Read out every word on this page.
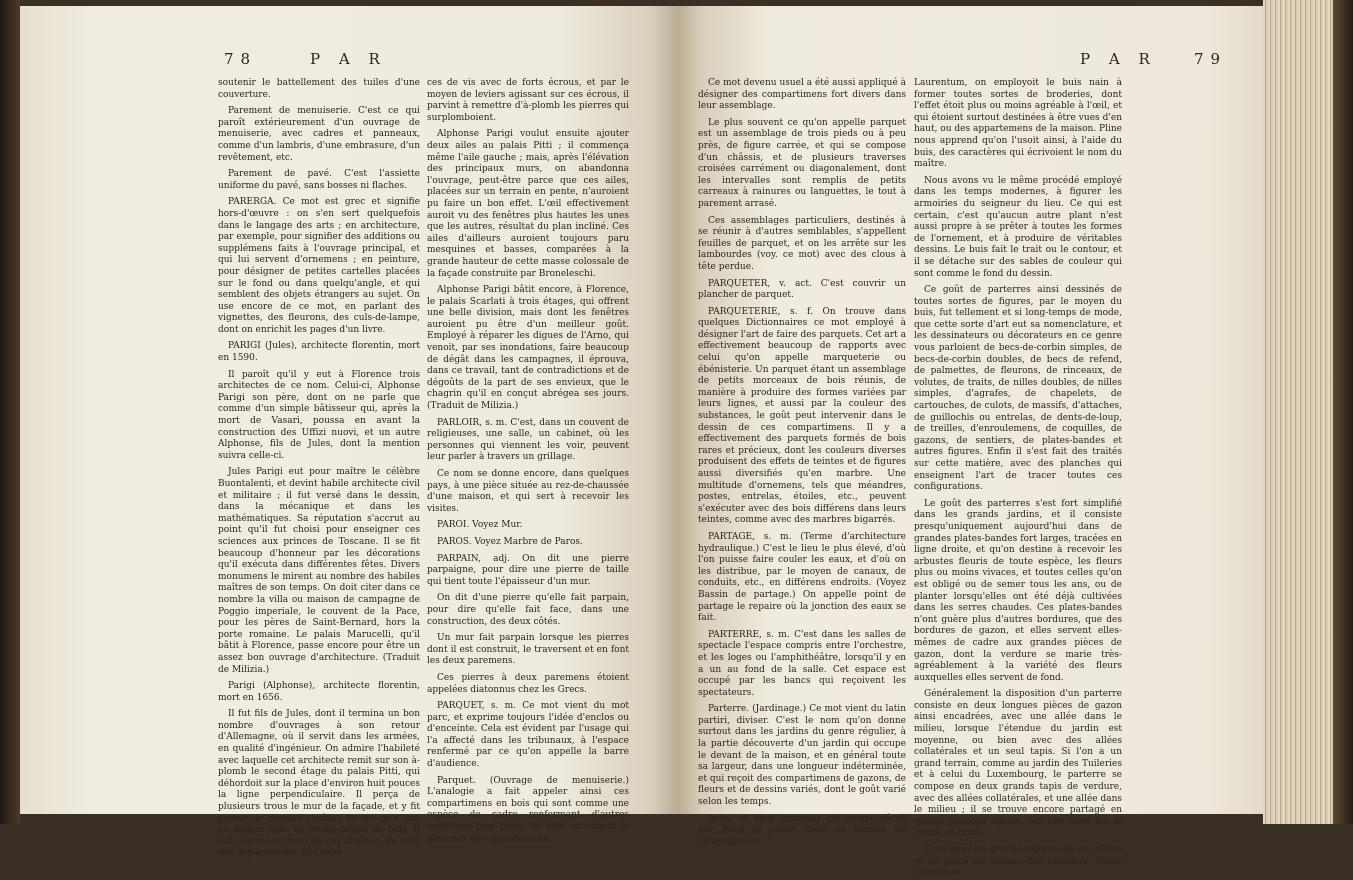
78	P A R

soutenir le battellement des tuiles d'une couverture.

Parement de menuiserie. C'est ce qui paroît extérieurement d'un ouvrage de menuiserie, avec cadres et panneaux, comme d'un lambris, d'une embrasure, d'un revêtement, etc.

Parement de pavé. C'est l'assiette uniforme du pavé, sans bosses ni flaches.

PARERGA. Ce mot est grec et signifie hors-d'œuvre : on s'en sert quelquefois dans le langage des arts ; en architecture, par exemple, pour signifier des additions ou supplémens faits à l'ouvrage principal, et qui lui servent d'ornemens ; en peinture, pour désigner de petites cartelles placées sur le fond ou dans quelqu'angle, et qui semblent des objets étrangers au sujet. On use encore de ce mot, en parlant des vignettes, des fleurons, des culs-de-lampe, dont on enrichit les pages d'un livre.

PARIGI (Jules), architecte florentin, mort en 1590.

Il paroît qu'il y eut à Florence trois architectes de ce nom. Celui-ci, Alphonse Parigi son père, dont on ne parle que comme d'un simple bâtisseur qui, après la mort de Vasari, poussa en avant la construction des Uffizi nuovi, et un autre Alphonse, fils de Jules, dont la mention suivra celle-ci.

Jules Parigi eut pour maître le célèbre Buontalenti, et devint habile architecte civil et militaire ; il fut versé dans le dessin, dans la mécanique et dans les mathématiques. Sa réputation s'accrut au point qu'il fut choisi pour enseigner ces sciences aux princes de Toscane. Il se fit beaucoup d'honneur par les décorations qu'il exécuta dans différentes fêtes. Divers monumens le mirent au nombre des habiles maîtres de son temps. On doit citer dans ce nombre la villa ou maison de campagne de Poggio imperiale, le couvent de la Pace, pour les pères de Saint-Bernard, hors la porte romaine. Le palais Marucelli, qu'il bâtit à Florence, passe encore pour être un assez bon ouvrage d'architecture. (Traduit de Milizia.)

Parigi (Alphonse), architecte florentin, mort en 1656.

Il fut fils de Jules, dont il termina un bon nombre d'ouvrages à son retour d'Allemagne, où il servit dans les armées, en qualité d'ingénieur. On admire l'habileté avec laquelle cet architecte remit sur son à-plomb le second étage du palais Pitti, qui déhordoit sur la place d'environ huit pouces la ligne perpendiculaire. Il perça de plusieurs trous le mur de la façade, et y fit passer de grosses chaînes de fer, qu'il fixa en dehors avec de fortes pièces de bois. Il mit ensuite au bout de ces chaînes, du côté des appartemens, des espè-

ces de vis avec de forts écrous, et par le moyen de leviers agissant sur ces écrous, il parvint à remettre d'à-plomb les pierres qui surplomboient.

Alphonse Parigi voulut ensuite ajouter deux ailes au palais Pitti ; il commença même l'aile gauche ; mais, après l'élévation des principaux murs, on abandonna l'ouvrage, peut-être parce que ces ailes, placées sur un terrain en pente, n'auroient pu faire un bon effet. L'œil effectivement auroit vu des fenêtres plus hautes les unes que les autres, résultat du plan incliné. Ces ailes d'ailleurs auroient toujours paru mesquines et basses, comparées à la grande hauteur de cette masse colossale de la façade construite par Broneleschi.

Alphonse Parigi bâtit encore, à Florence, le palais Scarlati à trois étages, qui offrent une belle division, mais dont les fenêtres auroient pu être d'un meilleur goût. Employé à réparer les digues de l'Arno, qui venoit, par ses inondations, faire beaucoup de dégât dans les campagnes, il éprouva, dans ce travail, tant de contradictions et de dégoûts de la part de ses envieux, que le chagrin qu'il en conçut abrégea ses jours. (Traduit de Milizia.)

PARLOIR, s. m. C'est, dans un couvent de religieuses, une salle, un cabinet, où les personnes qui viennent les voir, peuvent leur parler à travers un grillage.

Ce nom se donne encore, dans quelques pays, à une pièce située au rez-de-chaussée d'une maison, et qui sert à recevoir les visites.

PAROI. Voyez Mur.

PAROS. Voyez Marbre de Paros.

PARPAIN, adj. On dit une pierre parpaigne, pour dire une pierre de taille qui tient toute l'épaisseur d'un mur.

On dit d'une pierre qu'elle fait parpain, pour dire qu'elle fait face, dans une construction, des deux côtés.

Un mur fait parpain lorsque les pierres dont il est construit, le traversent et en font les deux paremens.

Ces pierres à deux paremens étoient appelées diatonnus chez les Grecs.

PARQUET, s. m. Ce mot vient du mot parc, et exprime toujours l'idée d'enclos ou d'enceinte. Cela est évident par l'usage qui l'a affecté dans les tribunaux, à l'espace renfermé par ce qu'on appelle la barre d'audience.

Parquet. (Ouvrage de menuiserie.) L'analogie a fait appeler ainsi ces compartimens en bois qui sont comme une espèce de cadre renfermant d'autres morceaux plus petits, et dont on couvre le plancher des appartemens.

P A R 79

Ce mot devenu usuel a été aussi appliqué à désigner des compartimens fort divers dans leur assemblage.

Le plus souvent ce qu'on appelle parquet est un assemblage de trois pieds ou à peu près, de figure carrée, et qui se compose d'un châssis, et de plusieurs traverses croisées carrément ou diagonalement, dont les intervalles sont remplis de petits carreaux à rainures ou languettes, le tout à parement arrasé.

Ces assemblages particuliers, destinés à se réunir à d'autres semblables, s'appellent feuilles de parquet, et on les arrête sur les lambourdes (voy. ce mot) avec des clous à tête perdue.

PARQUETER, v. act. C'est couvrir un plancher de parquet.

PARQUETERIE, s. f. On trouve dans quelques Dictionnaires ce mot employé à désigner l'art de faire des parquets. Cet art a effectivement beaucoup de rapports avec celui qu'on appelle marqueterie ou ébénisterie. Un parquet étant un assemblage de petits morceaux de bois réunis, de manière à produire des formes variées par leurs lignes, et aussi par la couleur des substances, le goût peut intervenir dans le dessin de ces compartimens. Il y a effectivement des parquets formés de bois rares et précieux, dont les couleurs diverses produisent des effets de teintes et de figures aussi diversifiés qu'en marbre. Une multitude d'ornemens, tels que méandres, postes, entrelas, étoiles, etc., peuvent s'exécuter avec des bois différens dans leurs teintes, comme avec des marbres bigarrés.

PARTAGE, s. m. (Terme d'architecture hydraulique.) C'est le lieu le plus élevé, d'où l'on puisse faire couler les eaux, et d'où on les distribue, par le moyen de canaux, de conduits, etc., en différens endroits. (Voyez Bassin de partage.) On appelle point de partage le repaire où la jonction des eaux se fait.

PARTERRE, s. m. C'est dans les salles de spectacle l'espace compris entre l'orchestre, et les loges ou l'amphithéâtre, lorsqu'il y en a un au fond de la salle. Cet espace est occupé par les bancs qui reçoivent les spectateurs.

Parterre. (Jardinage.) Ce mot vient du latin partiri, diviser. C'est le nom qu'on donne surtout dans les jardins du genre régulier, à la partie découverte d'un jardin qui occupe le devant de la maison, et en général toute sa largeur, dans une longueur indéterminée, et qui reçoit des compartimens de gazons, de fleurs et de dessins variés, dont le goût varié selon les temps.

Jadis, et nous trouvons cet usage décrit par Pline le jeune, dans sa maison de campagne de

Laurentum, on employoit le buis nain à former toutes sortes de broderies, dont l'effet étoit plus ou moins agréable à l'œil, et qui étoient surtout destinées à être vues d'en haut, ou des appartemens de la maison. Pline nous apprend qu'on l'usoit ainsi, à l'aide du buis, des caractères qui écrivoient le nom du maître.

Nous avons vu le même procédé employé dans les temps modernes, à figurer les armoiries du seigneur du lieu. Ce qui est certain, c'est qu'aucun autre plant n'est aussi propre à se prêter à toutes les formes de l'ornement, et à produire de véritables dessins. Le buis fait le trait ou le contour, et il se détache sur des sables de couleur qui sont comme le fond du dessin.

Ce goût de parterres ainsi dessinés de toutes sortes de figures, par le moyen du buis, fut tellement et si long-temps de mode, que cette sorte d'art eut sa nomenclature, et les dessinateurs ou décorateurs en ce genre vous parloient de becs-de-corbin simples, de becs-de-corbin doubles, de becs de refend, de palmettes, de fleurons, de rinceaux, de volutes, de traits, de nilles doubles, de nilles simples, d'agrafes, de chapelets, de cartouches, de culots, de massifs, d'attaches, de guillochis ou entrelas, de dents-de-loup, de treilles, d'enroulemens, de coquilles, de gazons, de sentiers, de plates-bandes et autres figures. Enfin il s'est fait des traités sur cette matière, avec des planches qui enseignent l'art de tracer toutes ces configurations.

Le goût des parterres s'est fort simplifié dans les grands jardins, et il consiste presqu'uniquement aujourd'hui dans de grandes plates-bandes fort larges, tracées en ligne droite, et qu'on destine à recevoir les arbustes fleuris de toute espèce, les fleurs plus ou moins vivaces, et toutes celles qu'on est obligé ou de semer tous les ans, ou de planter lorsqu'elles ont été déjà cultivées dans les serres chaudes. Ces plates-bandes n'ont guère plus d'autres bordures, que des bordures de gazon, et elles servent elles-mêmes de cadre aux grandes pièces de gazon, dont la verdure se marie très-agréablement à la variété des fleurs auxquelles elles servent de fond.

Généralement la disposition d'un parterre consiste en deux longues pièces de gazon ainsi encadrées, avec une allée dans le milieu, lorsque l'étendue du jardin est moyenne, ou bien avec des allées collatérales et un seul tapis. Si l'on a un grand terrain, comme au jardin des Tuileries et à celui du Luxembourg, le parterre se compose en deux grands tapis de verdure, avec des allées collatérales, et une allée dans le milieu ; il se trouve encore partagé en quatre portions égales, par une allée qui le coupe en croix.

C'est dans les grands espaces de ces allées qu'on place les caisses des orangers. Voyez Orangerie.
